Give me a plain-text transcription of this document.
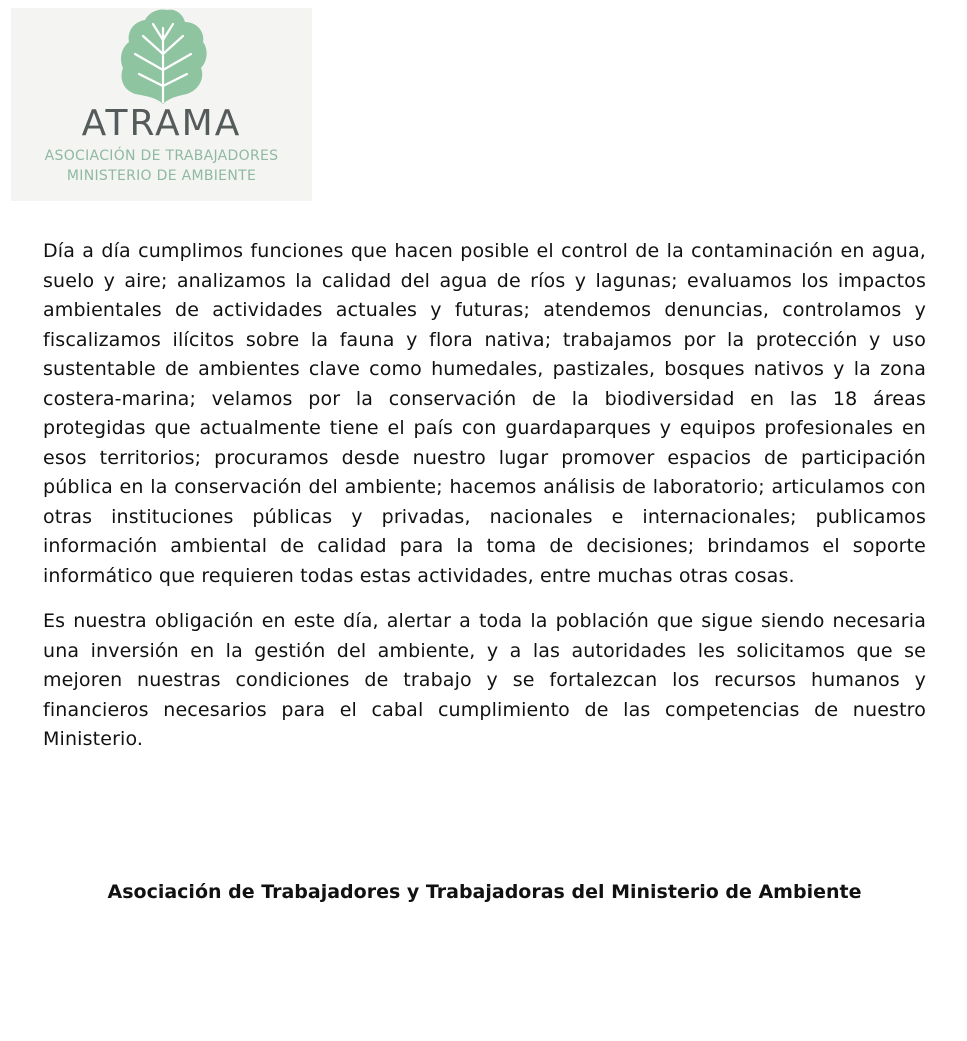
ATRAMA
ASOCIACIÓN DE TRABAJADORES
MINISTERIO DE AMBIENTE

Día a día cumplimos funciones que hacen posible el control de la contaminación en agua, suelo y aire; analizamos la calidad del agua de ríos y lagunas; evaluamos los impactos ambientales de actividades actuales y futuras; atendemos denuncias, controlamos y fiscalizamos ilícitos sobre la fauna y flora nativa; trabajamos por la protección y uso sustentable de ambientes clave como humedales, pastizales, bosques nativos y la zona costera-marina; velamos por la conservación de la biodiversidad en las 18 áreas protegidas que actualmente tiene el país con guardaparques y equipos profesionales en esos territorios; procuramos desde nuestro lugar promover espacios de participación pública en la conservación del ambiente; hacemos análisis de laboratorio; articulamos con otras instituciones públicas y privadas, nacionales e internacionales; publicamos información ambiental de calidad para la toma de decisiones; brindamos el soporte informático que requieren todas estas actividades, entre muchas otras cosas.

Es nuestra obligación en este día, alertar a toda la población que sigue siendo necesaria una inversión en la gestión del ambiente, y a las autoridades les solicitamos que se mejoren nuestras condiciones de trabajo y se fortalezcan los recursos humanos y financieros necesarios para el cabal cumplimiento de las competencias de nuestro Ministerio.

Asociación de Trabajadores y Trabajadoras del Ministerio de Ambiente
